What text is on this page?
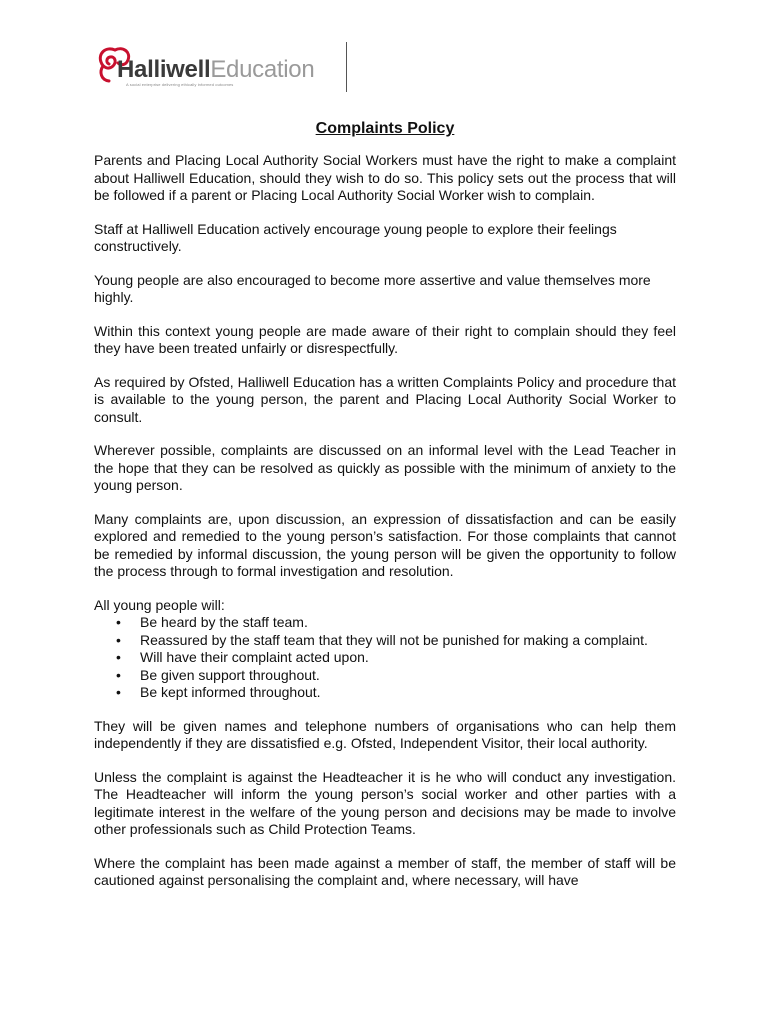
HalliwellEducation
A social enterprise delivering ethically informed outcomes
Complaints Policy

Parents and Placing Local Authority Social Workers must have the right to make a complaint about Halliwell Education, should they wish to do so. This policy sets out the process that will be followed if a parent or Placing Local Authority Social Worker wish to complain.

Staff at Halliwell Education actively encourage young people to explore their feelings constructively.

Young people are also encouraged to become more assertive and value themselves more highly.

Within this context young people are made aware of their right to complain should they feel they have been treated unfairly or disrespectfully.

As required by Ofsted, Halliwell Education has a written Complaints Policy and procedure that is available to the young person, the parent and Placing Local Authority Social Worker to consult.

Wherever possible, complaints are discussed on an informal level with the Lead Teacher in the hope that they can be resolved as quickly as possible with the minimum of anxiety to the young person.

Many complaints are, upon discussion, an expression of dissatisfaction and can be easily explored and remedied to the young person’s satisfaction. For those complaints that cannot be remedied by informal discussion, the young person will be given the opportunity to follow the process through to formal investigation and resolution.

All young people will:

• Be heard by the staff team.
• Reassured by the staff team that they will not be punished for making a complaint.
• Will have their complaint acted upon.
• Be given support throughout.
• Be kept informed throughout.

They will be given names and telephone numbers of organisations who can help them independently if they are dissatisfied e.g. Ofsted, Independent Visitor, their local authority.

Unless the complaint is against the Headteacher it is he who will conduct any investigation. The Headteacher will inform the young person’s social worker and other parties with a legitimate interest in the welfare of the young person and decisions may be made to involve other professionals such as Child Protection Teams.

Where the complaint has been made against a member of staff, the member of staff will be cautioned against personalising the complaint and, where necessary, will have
